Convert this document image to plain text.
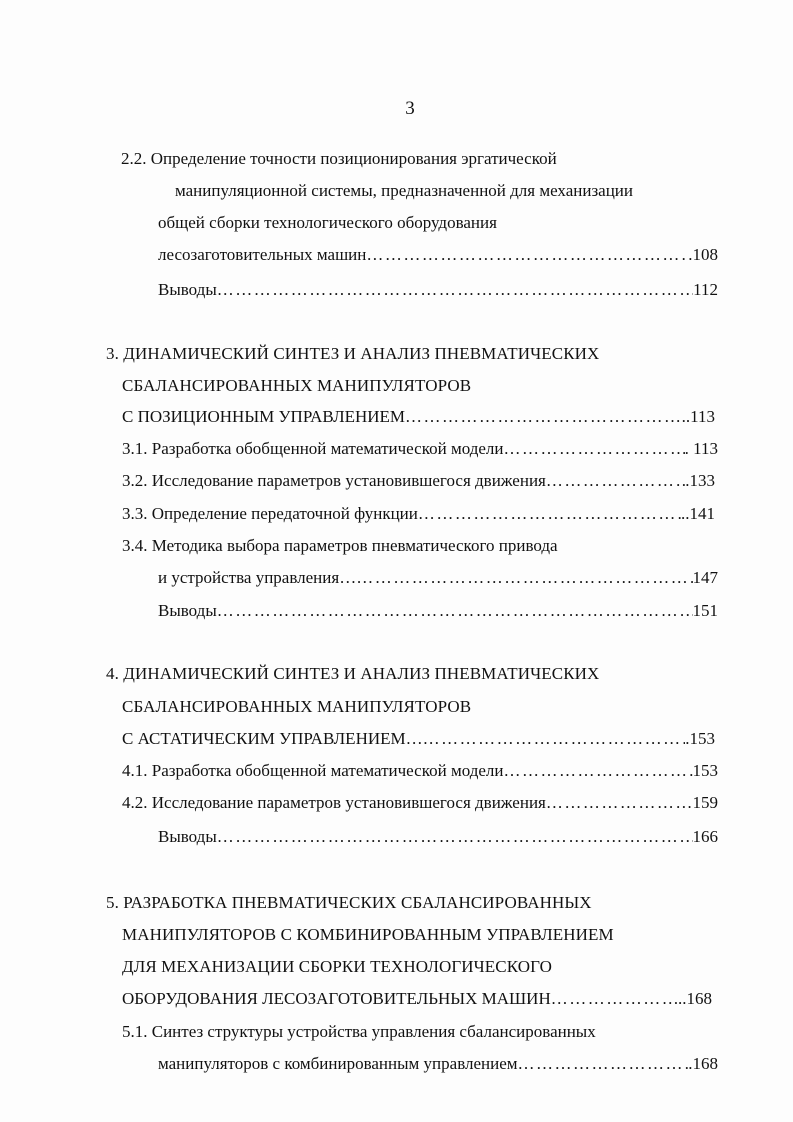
3
2.2. Определение точности позиционирования эргатической
манипуляционной системы, предназначенной для механизации
общей сборки технологического оборудования
лесозаготовительных машин ……………………………………………………………………………………………………………………………………………	.108
Выводы ……………………………………………………………………………………………………………………………………………	112
3. ДИНАМИЧЕСКИЙ СИНТЕЗ И АНАЛИЗ ПНЕВМАТИЧЕСКИХ
СБАЛАНСИРОВАННЫХ МАНИПУЛЯТОРОВ
С ПОЗИЦИОННЫМ УПРАВЛЕНИЕМ ……………………………………………………………………………………………………………………………………………	..113
3.1. Разработка обобщенной математической модели ……………………………………………………………………………………………………………………………………………	. 113
3.2. Исследование параметров установившегося движения ……………………………………………………………………………………………………………………………………………	.133
3.3. Определение передаточной функции ……………………………………………………………………………………………………………………………………………	..141
3.4. Методика выбора параметров пневматического привода
и устройства управления… ……………………………………………………………………………………………………………………………………………	147
Выводы ……………………………………………………………………………………………………………………………………………	151
4. ДИНАМИЧЕСКИЙ СИНТЕЗ И АНАЛИЗ ПНЕВМАТИЧЕСКИХ
СБАЛАНСИРОВАННЫХ МАНИПУЛЯТОРОВ
С АСТАТИЧЕСКИМ УПРАВЛЕНИЕМ… ……………………………………………………………………………………………………………………………………………	.153
4.1. Разработка обобщенной математической модели ……………………………………………………………………………………………………………………………………………	153
4.2. Исследование параметров установившегося движения ……………………………………………………………………………………………………………………………………………	159
Выводы ……………………………………………………………………………………………………………………………………………	166
5. РАЗРАБОТКА ПНЕВМАТИЧЕСКИХ СБАЛАНСИРОВАННЫХ
МАНИПУЛЯТОРОВ С КОМБИНИРОВАННЫМ УПРАВЛЕНИЕМ
ДЛЯ МЕХАНИЗАЦИИ СБОРКИ ТЕХНОЛОГИЧЕСКОГО
ОБОРУДОВАНИЯ ЛЕСОЗАГОТОВИТЕЛЬНЫХ МАШИН ……………………………………………………………………………………………………………………………………………	..168
5.1. Синтез структуры устройства управления сбалансированных
манипуляторов с комбинированным управлением ……………………………………………………………………………………………………………………………………………	.168
